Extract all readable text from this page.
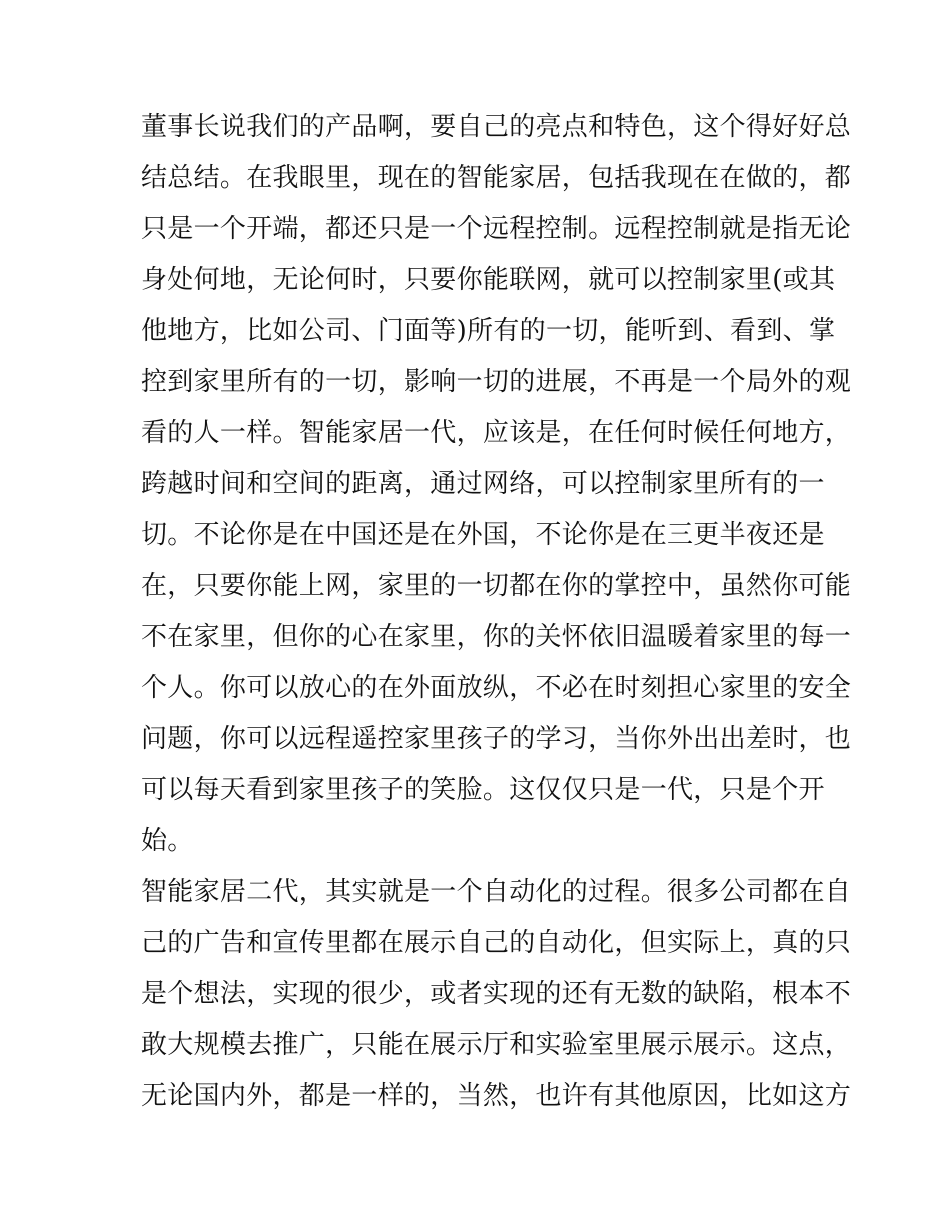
董事长说我们的产品啊，要自己的亮点和特色，这个得好好总
结总结。在我眼里，现在的智能家居，包括我现在在做的，都
只是一个开端，都还只是一个远程控制。远程控制就是指无论
身处何地，无论何时，只要你能联网，就可以控制家里(或其
他地方，比如公司、门面等)所有的一切，能听到、看到、掌
控到家里所有的一切，影响一切的进展，不再是一个局外的观
看的人一样。智能家居一代，应该是，在任何时候任何地方，
跨越时间和空间的距离，通过网络，可以控制家里所有的一
切。不论你是在中国还是在外国，不论你是在三更半夜还是
在，只要你能上网，家里的一切都在你的掌控中，虽然你可能
不在家里，但你的心在家里，你的关怀依旧温暖着家里的每一
个人。你可以放心的在外面放纵，不必在时刻担心家里的安全
问题，你可以远程遥控家里孩子的学习，当你外出出差时，也
可以每天看到家里孩子的笑脸。这仅仅只是一代，只是个开
始。
智能家居二代，其实就是一个自动化的过程。很多公司都在自
己的广告和宣传里都在展示自己的自动化，但实际上，真的只
是个想法，实现的很少，或者实现的还有无数的缺陷，根本不
敢大规模去推广，只能在展示厅和实验室里展示展示。这点，
无论国内外，都是一样的，当然，也许有其他原因，比如这方
